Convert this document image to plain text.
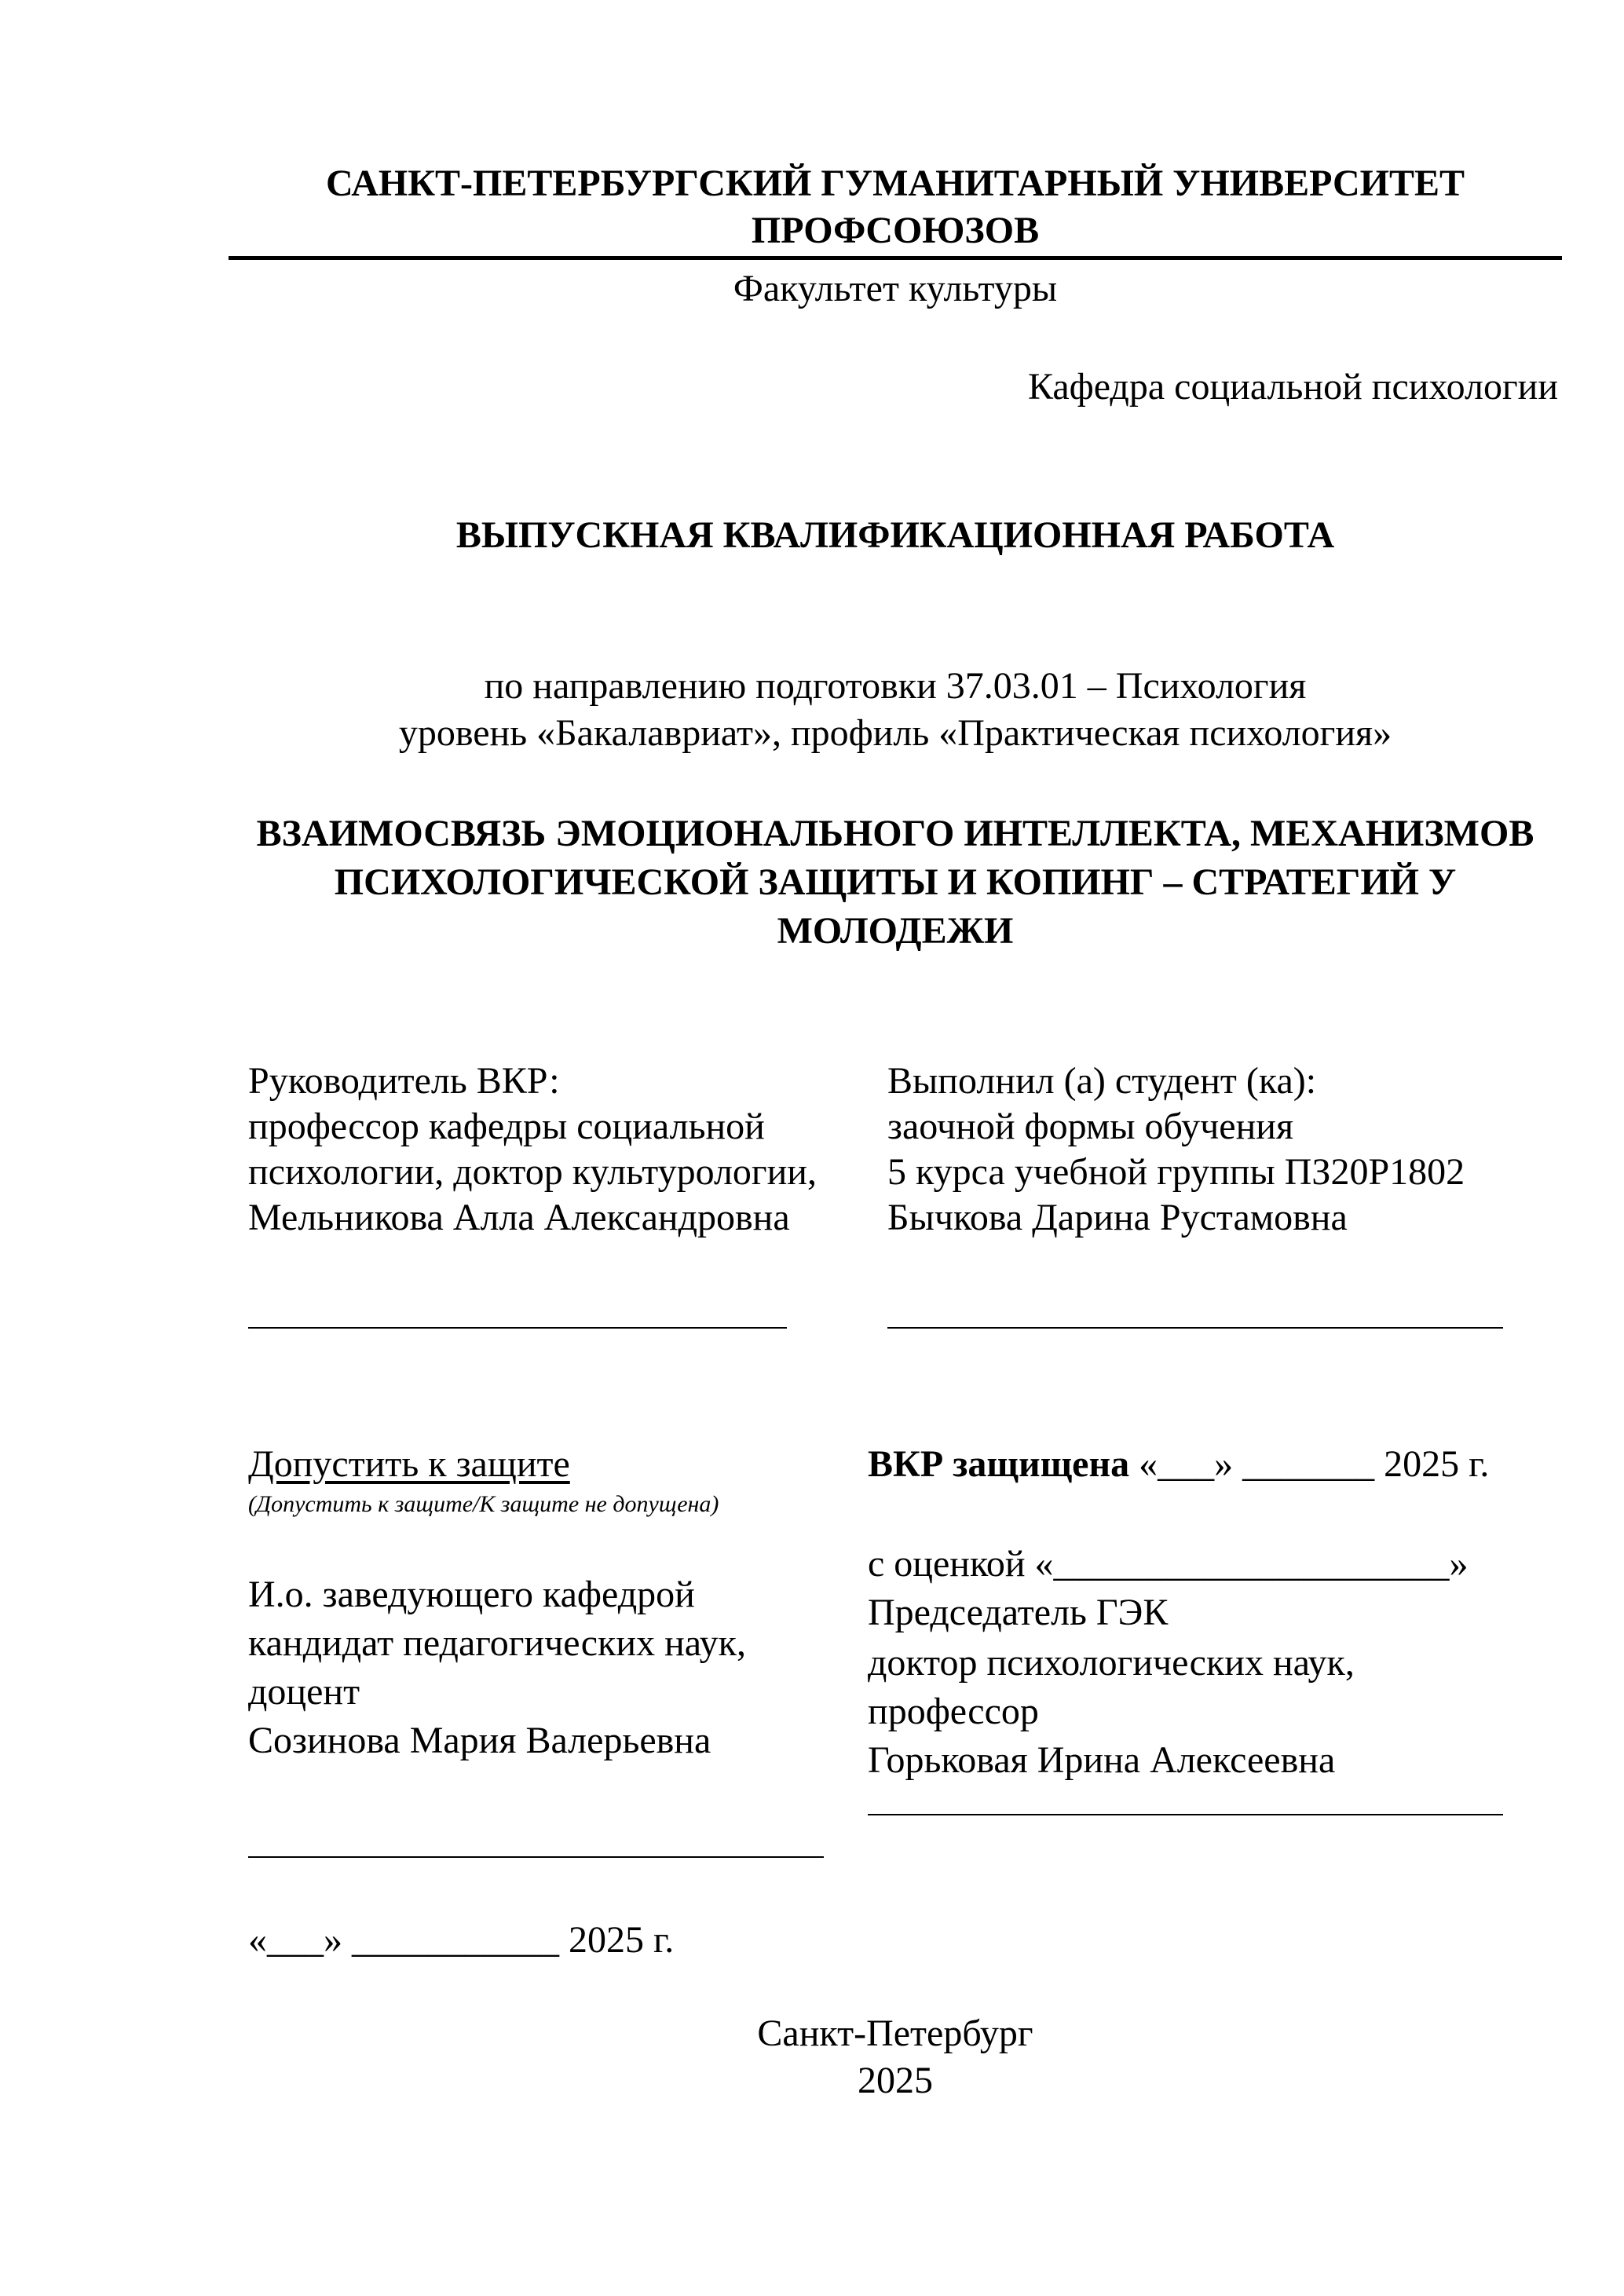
САНКТ-ПЕТЕРБУРГСКИЙ ГУМАНИТАРНЫЙ УНИВЕРСИТЕТ
ПРОФСОЮЗОВ
Факультет культуры
Кафедра социальной психологии
ВЫПУСКНАЯ КВАЛИФИКАЦИОННАЯ РАБОТА
по направлению подготовки 37.03.01 – Психология
уровень «Бакалавриат», профиль «Практическая психология»
ВЗАИМОСВЯЗЬ ЭМОЦИОНАЛЬНОГО ИНТЕЛЛЕКТА, МЕХАНИЗМОВ
ПСИХОЛОГИЧЕСКОЙ ЗАЩИТЫ И КОПИНГ – СТРАТЕГИЙ У
МОЛОДЕЖИ
Руководитель ВКР:
профессор кафедры социальной
психологии, доктор культурологии,
Мельникова Алла Александровна
Выполнил (а) студент (ка):
заочной формы обучения
5 курса учебной группы ПЗ20Р1802
Бычкова Дарина Рустамовна
Допустить к защите
(Допустить к защите/К защите не допущена)
И.о. заведующего кафедрой
кандидат педагогических наук,
доцент
Созинова Мария Валерьевна
«___» ___________ 2025 г.
ВКР защищена «___» _______ 2025 г.
с оценкой «_____________________»
Председатель ГЭК
доктор психологических наук,
профессор
Горьковая Ирина Алексеевна
Санкт-Петербург
2025
